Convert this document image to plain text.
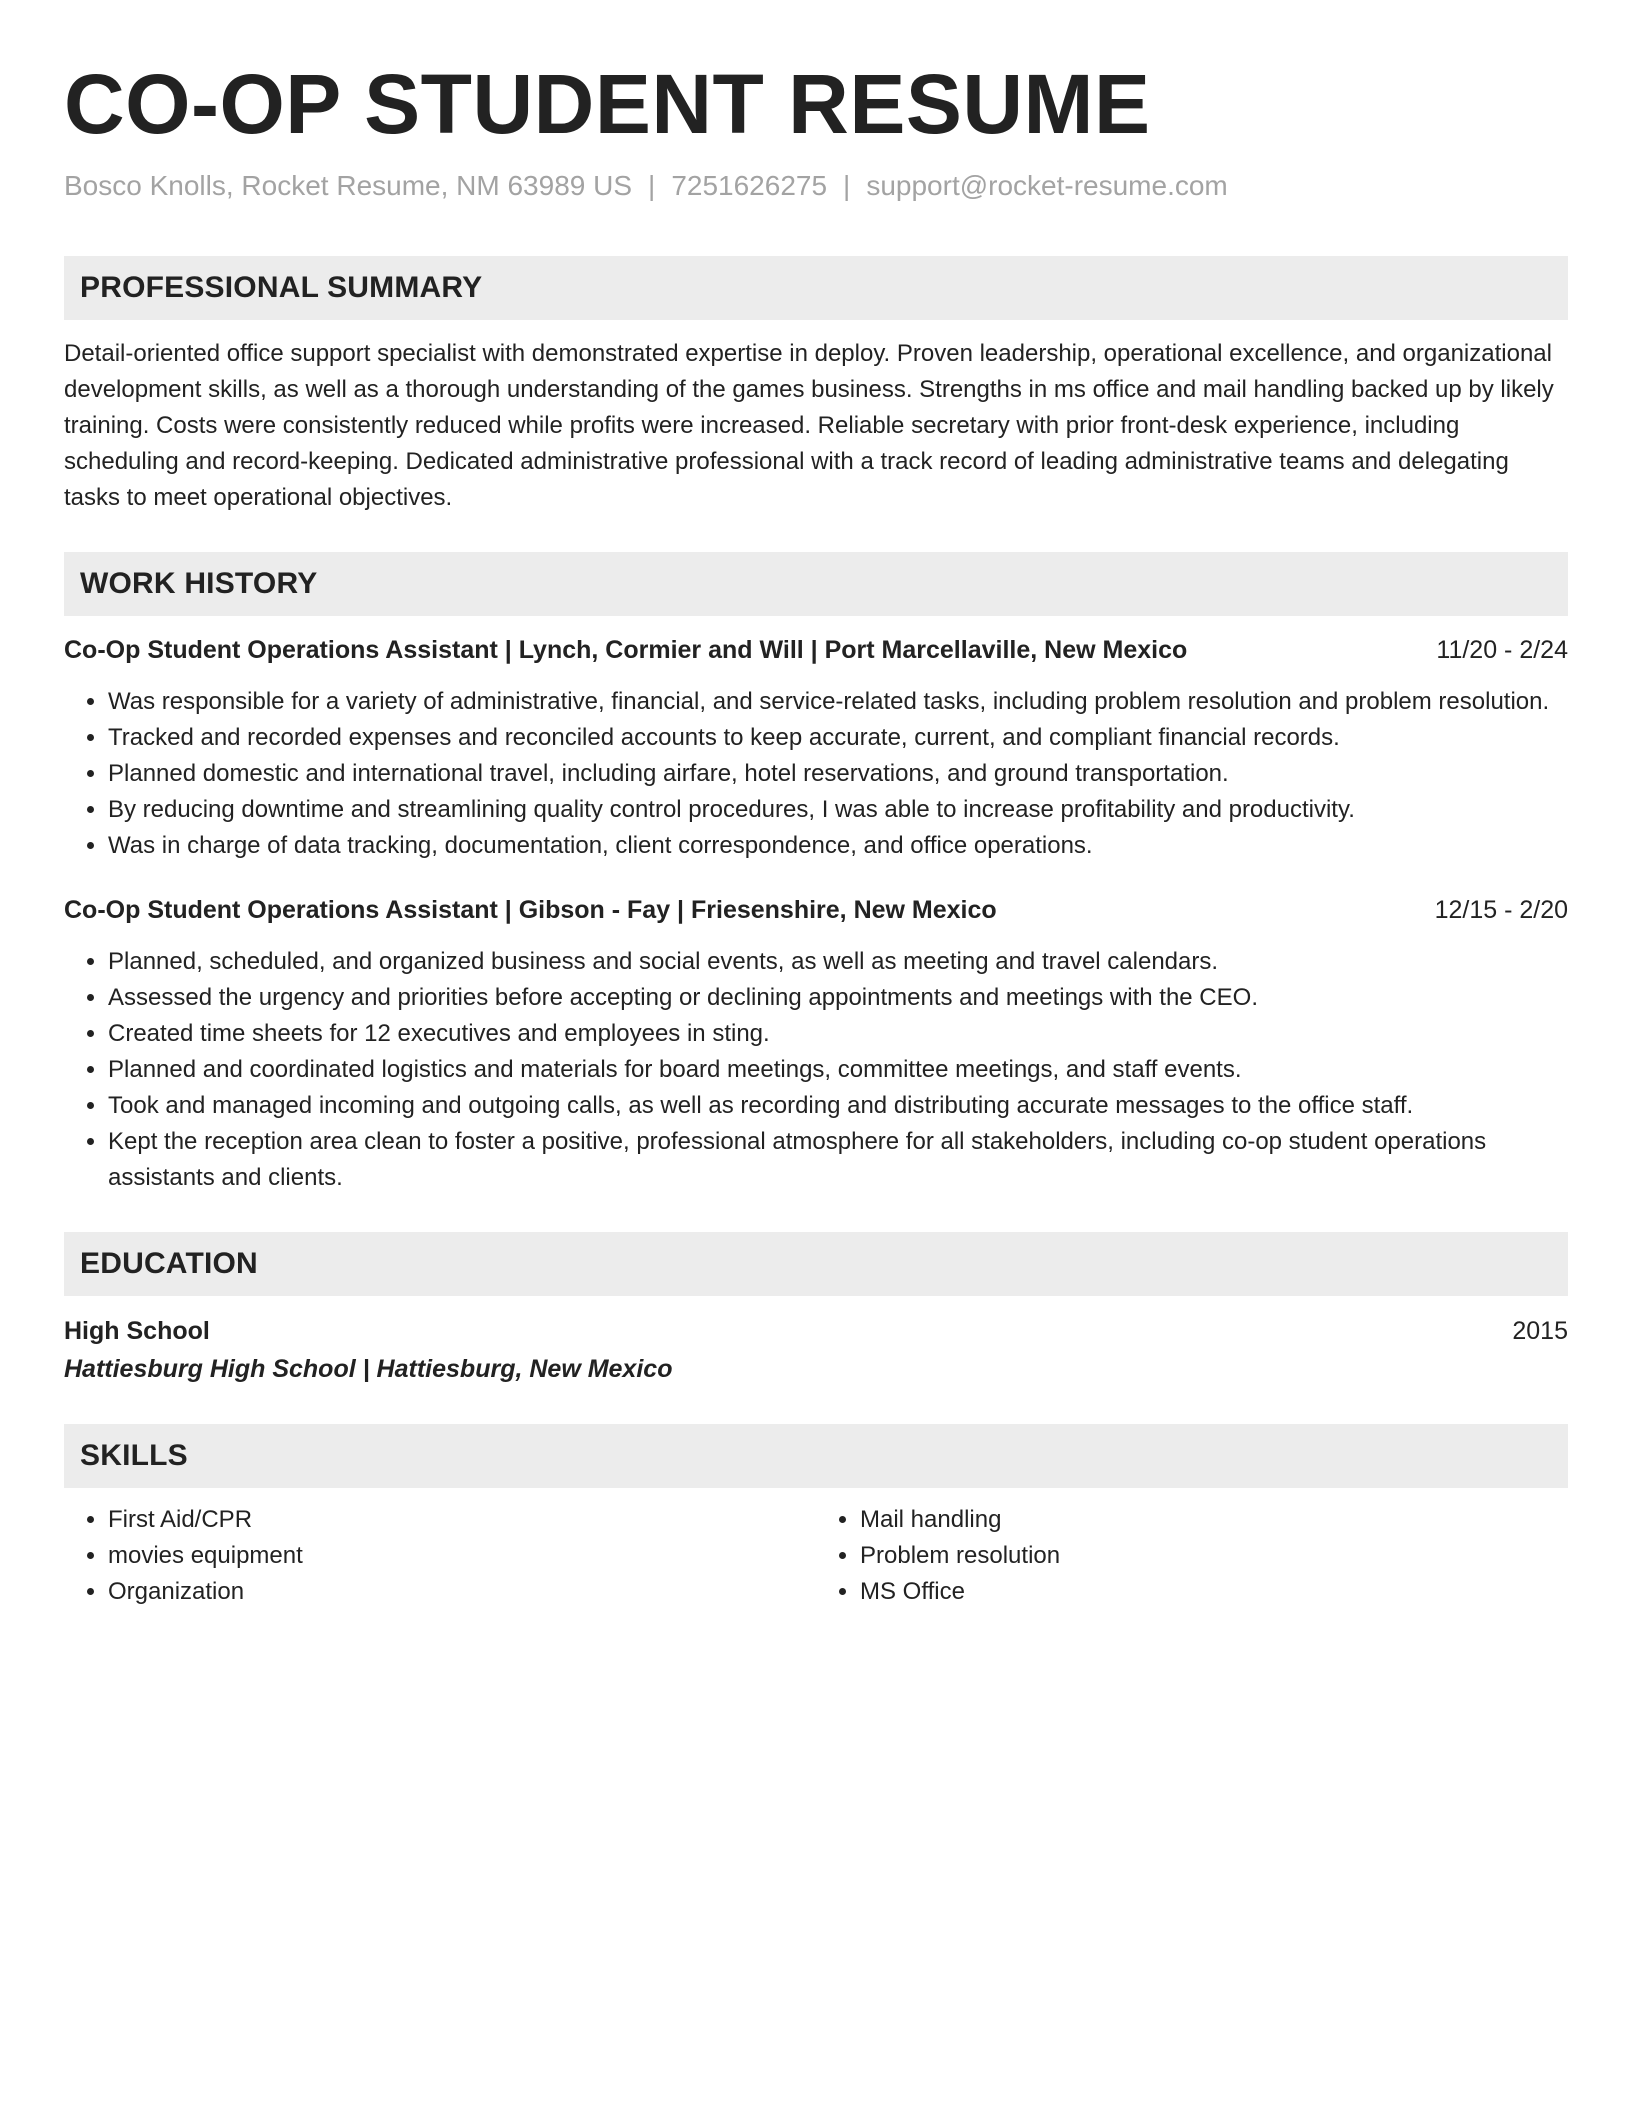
CO-OP STUDENT RESUME
Bosco Knolls, Rocket Resume, NM 63989 US | 7251626275 | support@rocket-resume.com
PROFESSIONAL SUMMARY
Detail-oriented office support specialist with demonstrated expertise in deploy. Proven leadership, operational excellence, and organizational development skills, as well as a thorough understanding of the games business. Strengths in ms office and mail handling backed up by likely training. Costs were consistently reduced while profits were increased. Reliable secretary with prior front-desk experience, including scheduling and record-keeping. Dedicated administrative professional with a track record of leading administrative teams and delegating tasks to meet operational objectives.
WORK HISTORY
Co-Op Student Operations Assistant | Lynch, Cormier and Will | Port Marcellaville, New Mexico	11/20 - 2/24
• Was responsible for a variety of administrative, financial, and service-related tasks, including problem resolution and problem resolution.
• Tracked and recorded expenses and reconciled accounts to keep accurate, current, and compliant financial records.
• Planned domestic and international travel, including airfare, hotel reservations, and ground transportation.
• By reducing downtime and streamlining quality control procedures, I was able to increase profitability and productivity.
• Was in charge of data tracking, documentation, client correspondence, and office operations.
Co-Op Student Operations Assistant | Gibson - Fay | Friesenshire, New Mexico	12/15 - 2/20
• Planned, scheduled, and organized business and social events, as well as meeting and travel calendars.
• Assessed the urgency and priorities before accepting or declining appointments and meetings with the CEO.
• Created time sheets for 12 executives and employees in sting.
• Planned and coordinated logistics and materials for board meetings, committee meetings, and staff events.
• Took and managed incoming and outgoing calls, as well as recording and distributing accurate messages to the office staff.
• Kept the reception area clean to foster a positive, professional atmosphere for all stakeholders, including co-op student operations assistants and clients.
EDUCATION
High School	2015
Hattiesburg High School | Hattiesburg, New Mexico
SKILLS
• First Aid/CPR
• movies equipment
• Organization
• Mail handling
• Problem resolution
• MS Office
